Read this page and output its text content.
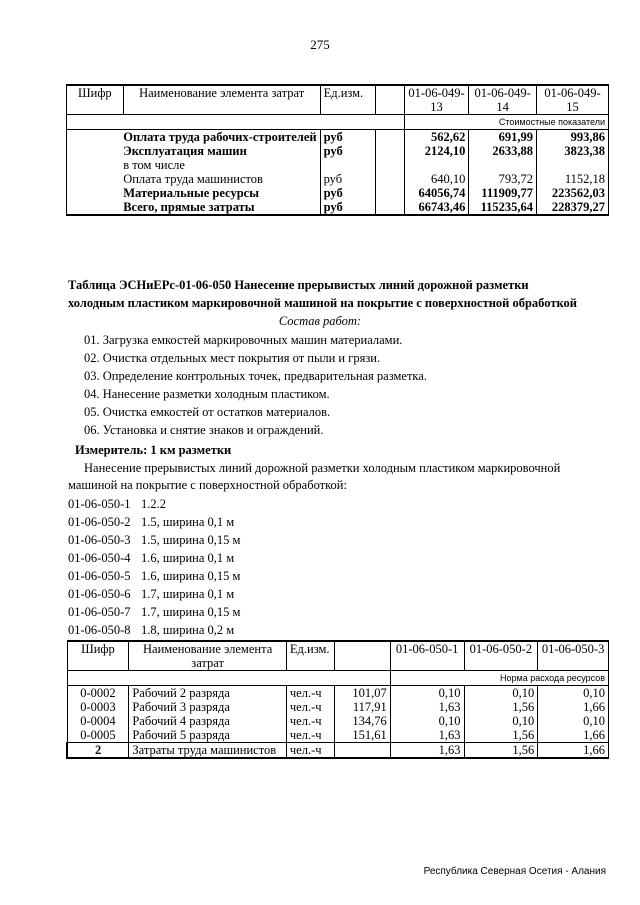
275
Шифр	Наименование элемента затрат	Ед.изм.		01-06-049-13	01-06-049-14	01-06-049-15
				Стоимостные показатели		
	Оплата труда рабочих-строителей	руб		562,62	691,99	993,86
	Эксплуатация машин	руб		2124,10	2633,88	3823,38
	в том числе					
	Оплата труда машинистов	руб		640,10	793,72	1152,18
	Материальные ресурсы	руб		64056,74	111909,77	223562,03
	Всего, прямые затраты	руб		66743,46	115235,64	228379,27
Таблица ЭСНиЕРс-01-06-050 Нанесение прерывистых линий дорожной разметки
холодным пластиком маркировочной машиной на покрытие с поверхностной обработкой
Состав работ:
01. Загрузка емкостей маркировочных машин материалами.
02. Очистка отдельных мест покрытия от пыли и грязи.
03. Определение контрольных точек, предварительная разметка.
04. Нанесение разметки холодным пластиком.
05. Очистка емкостей от остатков материалов.
06. Установка и снятие знаков и ограждений.
Измеритель: 1 км разметки
Нанесение прерывистых линий дорожной разметки холодным пластиком маркировочной
машиной на покрытие с поверхностной обработкой:
01-06-050-1 1.2.2
01-06-050-2 1.5, ширина 0,1 м
01-06-050-3 1.5, ширина 0,15 м
01-06-050-4 1.6, ширина 0,1 м
01-06-050-5 1.6, ширина 0,15 м
01-06-050-6 1.7, ширина 0,1 м
01-06-050-7 1.7, ширина 0,15 м
01-06-050-8 1.8, ширина 0,2 м
Шифр	Наименование элемента затрат	Ед.изм.		01-06-050-1	01-06-050-2	01-06-050-3
				Норма расхода ресурсов		
0-0002	Рабочий 2 разряда	чел.-ч	101,07	0,10	0,10	0,10
0-0003	Рабочий 3 разряда	чел.-ч	117,91	1,63	1,56	1,66
0-0004	Рабочий 4 разряда	чел.-ч	134,76	0,10	0,10	0,10
0-0005	Рабочий 5 разряда	чел.-ч	151,61	1,63	1,56	1,66
2	Затраты труда машинистов	чел.-ч		1,63	1,56	1,66
Республика Северная Осетия - Алания
